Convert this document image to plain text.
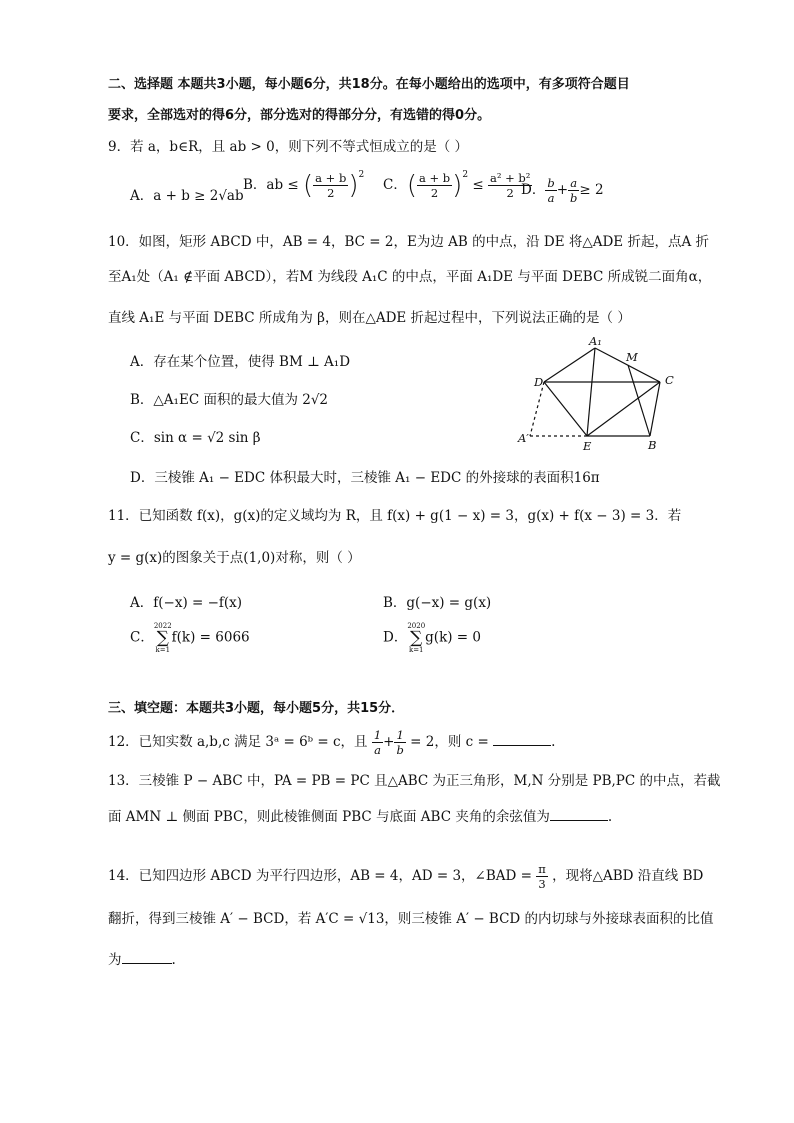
二、选择题 本题共3小题，每小题6分，共18分。在每小题给出的选项中，有多项符合题目
要求，全部选对的得6分，部分选对的得部分分，有选错的得0分。
9．若 a，b∈R，且 ab > 0，则下列不等式恒成立的是（ ）
A．a + b ≥ 2√ab
B．ab ≤ ( $\frac{a + b}{2} )^2$
C．( $\frac{a + b}{2} )^2 \le \frac{\text{a² + b²}}{2}$
D． $\frac{b}{a} + \frac{a}{b} \ge 2$
10．如图，矩形 ABCD 中，AB = 4，BC = 2，E为边 AB 的中点，沿 DE 将△ADE 折起，点A 折
至A₁处（A₁ ∉平面 ABCD），若M 为线段 A₁C 的中点，平面 A₁DE 与平面 DEBC 所成锐二面角α，
直线 A₁E 与平面 DEBC 所成角为 β，则在△ADE 折起过程中，下列说法正确的是（ ）
A．存在某个位置，使得 BM ⊥ A₁D
B．△A₁EC 面积的最大值为 2√2
C．sin α = √2 sin β
D．三棱锥 A₁ − EDC 体积最大时，三棱锥 A₁ − EDC 的外接球的表面积16π
A₁
M
D	C
A′
E	B
11．已知函数 f(x)，g(x)的定义域均为 R，且 f(x) + g(1 − x) = 3，g(x) + f(x − 3) = 3．若
y = g(x)的图象关于点(1,0)对称，则（ ）
A．f(−x) = −f(x)	B．g(−x) = g(x)
C．2022
∑
k=1f(k) = 6066	D．2020
∑
k=1g(k) = 0
三、填空题：本题共3小题，每小题5分，共15分．
12．已知实数 a,b,c 满足 3ᵃ = 6ᵇ = c，且 $\frac{1}{a} + \frac{1}{b} = 2$，则 c =	.
13．三棱锥 P − ABC 中，PA = PB = PC 且△ABC 为正三角形，M,N 分别是 PB,PC 的中点，若截
面 AMN ⊥ 侧面 PBC，则此棱锥侧面 PBC 与底面 ABC 夹角的余弦值为	.
14．已知四边形 ABCD 为平行四边形，AB = 4，AD = 3，∠BAD = $\frac{\pi}{3}$ ，现将△ABD 沿直线 BD
翻折，得到三棱锥 A′ − BCD，若 A′C = √13，则三棱锥 A′ − BCD 的内切球与外接球表面积的比值
为	.
